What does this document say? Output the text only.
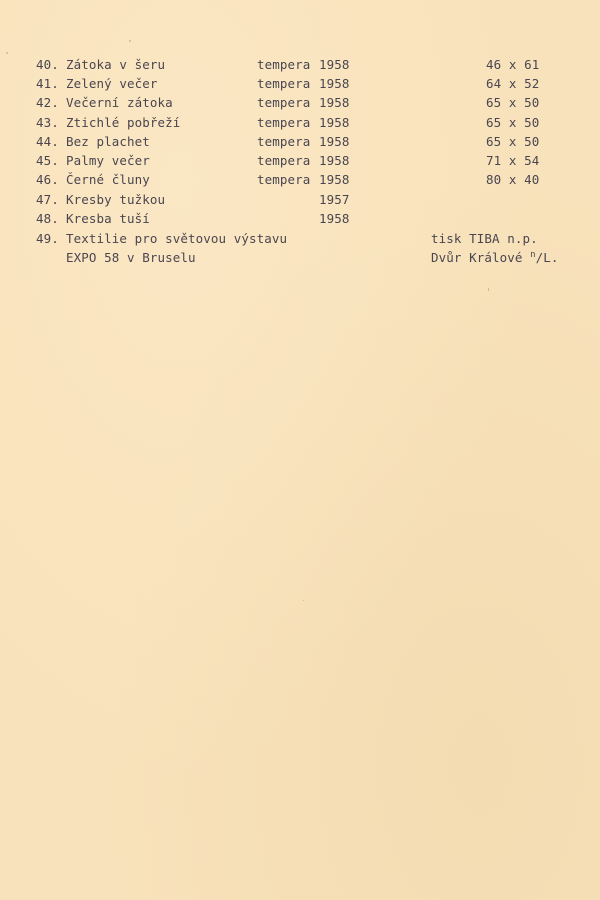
40. Zátoka v šeru	tempera 1958	46 x 61
41. Zelený večer	tempera 1958	64 x 52
42. Večerní zátoka	tempera 1958	65 x 50
43. Ztichlé pobřeží	tempera 1958	65 x 50
44. Bez plachet	tempera 1958	65 x 50
45. Palmy večer	tempera 1958	71 x 54
46. Černé čluny	tempera 1958	80 x 40
47. Kresby tužkou	1957
48. Kresba tuší	1958
49. Textilie pro světovou výstavu	tisk TIBA n.p.
EXPO 58 v Bruselu	Dvůr Králové $^n$/L.
